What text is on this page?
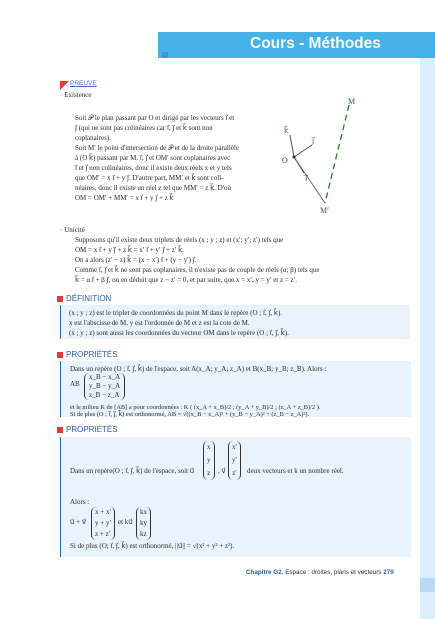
Cours - Méthodes
PREUVE
◦ Existence
Soit 𝒫 le plan passant par O et dirigé par les vecteurs i⃗ et
j⃗ (qui ne sont pas colinéaires car i⃗, j⃗ et k⃗ sont non
coplanaires).
Soit M′ le point d'intersection de 𝒫 et de la droite parallèle
à (O k⃗) passant par M. i⃗, j⃗ et OM′ sont coplanaires avec
i⃗ et j⃗ non colinéaires, donc il existe deux réels x et y tels
que OM′ = x i⃗ + y j⃗. D'autre part, MM′ et k⃗ sont coli-
néaires, donc il existe un réel z tel que MM′ = z k⃗. D'où
OM = OM′ + MM′ = x i⃗ + y j⃗ + z k⃗
M
M′
O
j⃗
i⃗
k⃗
◦ Unicité
Supposons qu'il existe deux triplets de réels (x ; y ; z) et (x′; y′; z′) tels que
OM = x i⃗ + y j⃗ + z k⃗ = x′ i⃗ + y′ j⃗ + z′ k⃗.
On a alors (z′ − z) k⃗ = (x − x′) i⃗ + (y − y′) j⃗.
Comme i⃗, j⃗ et k⃗ ne sont pas coplanaires, il n'existe pas de couple de réels (α; β) tels que
k⃗ = α i⃗ + β j⃗, on en déduit que z − z′ = 0, et par suite, que x = x′, y = y′ et z = z′.
DÉFINITION
(x ; y ; z) est le triplet de coordonnées du point M dans le repère (O ; i⃗, j⃗, k⃗).
x est l'abscisse de M, y est l'ordonnée de M et z est la cote de M.
(x ; y ; z) sont aussi les coordonnées du vecteur OM dans le repère (O ; i⃗, j⃗, k⃗).
PROPRIÉTÉS
Dans un repère (O ; i⃗, j⃗, k⃗) de l'espace, soit A(x_A; y_A; z_A) et B(x_B; y_B; z_B). Alors :
AB
x_B − x_A
y_B − y_A
z_B − z_A
et le milieu K de [AB] a pour coordonnées : K ( (x_A + x_B)/2 ; (y_A + y_B)/2 ; (z_A + z_B)/2 ).
Si de plus (O ; i⃗, j⃗, k⃗) est orthonormé, AB = √((x_B − x_A)² + (y_B − y_A)² + (z_B − z_A)²).
PROPRIÉTÉS
Dans un repère(O ; i⃗, j⃗, k⃗) de l'espace, soit u⃗
x
y
z , v⃗
x′
y′
z′ deux vecteurs et k un nombre réel.
Alors :
u⃗ + v⃗
x + x′
y + y′
z + z′
et ku⃗
kx
ky
kz
Si de plus (O; i⃗, j⃗, k⃗) est orthonormé, ||u⃗|| = √(x² + y² + z²).
Chapitre G2. Espace : droites, plans et vecteurs 279
